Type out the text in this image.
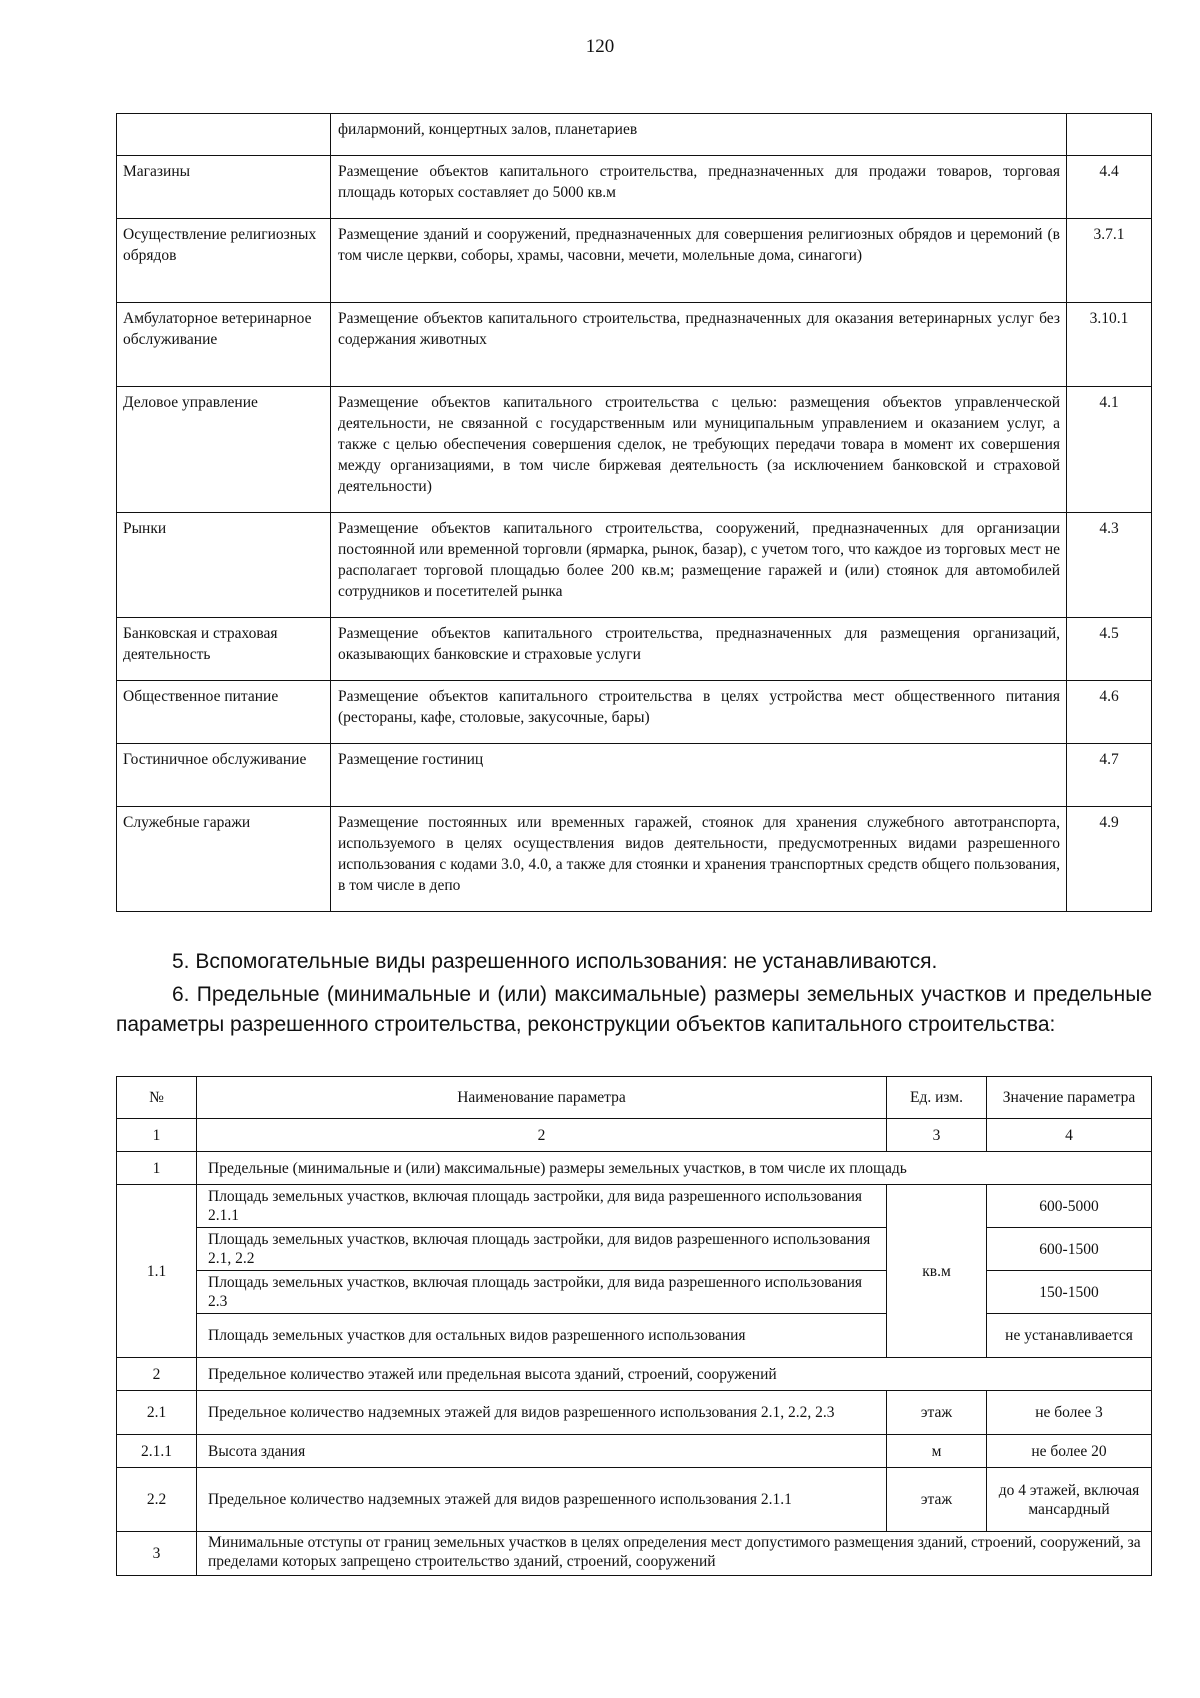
120
	филармоний, концертных залов, планетариев	
Магазины	Размещение объектов капитального строительства, предназначенных для продажи товаров, торговая площадь которых составляет до 5000 кв.м	4.4
Осуществление религиозных обрядов	Размещение зданий и сооружений, предназначенных для совершения религиозных обрядов и церемоний (в том числе церкви, соборы, храмы, часовни, мечети, молельные дома, синагоги)	3.7.1
Амбулаторное ветеринарное обслуживание	Размещение объектов капитального строительства, предназначенных для оказания ветеринарных услуг без содержания животных	3.10.1
Деловое управление	Размещение объектов капитального строительства с целью: размещения объектов управленческой деятельности, не связанной с государственным или муниципальным управлением и оказанием услуг, а также с целью обеспечения совершения сделок, не требующих передачи товара в момент их совершения между организациями, в том числе биржевая деятельность (за исключением банковской и страховой деятельности)	4.1
Рынки	Размещение объектов капитального строительства, сооружений, предназначенных для организации постоянной или временной торговли (ярмарка, рынок, базар), с учетом того, что каждое из торговых мест не располагает торговой площадью более 200 кв.м; размещение гаражей и (или) стоянок для автомобилей сотрудников и посетителей рынка	4.3
Банковская и страховая деятельность	Размещение объектов капитального строительства, предназначенных для размещения организаций, оказывающих банковские и страховые услуги	4.5
Общественное питание	Размещение объектов капитального строительства в целях устройства мест общественного питания (рестораны, кафе, столовые, закусочные, бары)	4.6
Гостиничное обслуживание	Размещение гостиниц	4.7
Служебные гаражи	Размещение постоянных или временных гаражей, стоянок для хранения служебного автотранспорта, используемого в целях осуществления видов деятельности, предусмотренных видами разрешенного использования с кодами 3.0, 4.0, а также для стоянки и хранения транспортных средств общего пользования, в том числе в депо	4.9
5. Вспомогательные виды разрешенного использования: не устанавливаются.
6. Предельные (минимальные и (или) максимальные) размеры земельных участков и предельные параметры разрешенного строительства, реконструкции объектов капитального строительства:
№	Наименование параметра	Ед. изм.	Значение параметра
1	2	3	4
1	Предельные (минимальные и (или) максимальные) размеры земельных участков, в том числе их площадь		
1.1	Площадь земельных участков, включая площадь застройки, для вида разрешенного использования 2.1.1	кв.м	600-5000
	Площадь земельных участков, включая площадь застройки, для видов разрешенного использования 2.1, 2.2		600-1500
	Площадь земельных участков, включая площадь застройки, для вида разрешенного использования 2.3		150-1500
	Площадь земельных участков для остальных видов разрешенного использования		не устанавливается
2	Предельное количество этажей или предельная высота зданий, строений, сооружений		
2.1	Предельное количество надземных этажей для видов разрешенного использования 2.1, 2.2, 2.3	этаж	не более 3
2.1.1	Высота здания	м	не более 20
2.2	Предельное количество надземных этажей для видов разрешенного использования 2.1.1	этаж	до 4 этажей, включая мансардный
3	Минимальные отступы от границ земельных участков в целях определения мест допустимого размещения зданий, строений, сооружений, за пределами которых запрещено строительство зданий, строений, сооружений		
